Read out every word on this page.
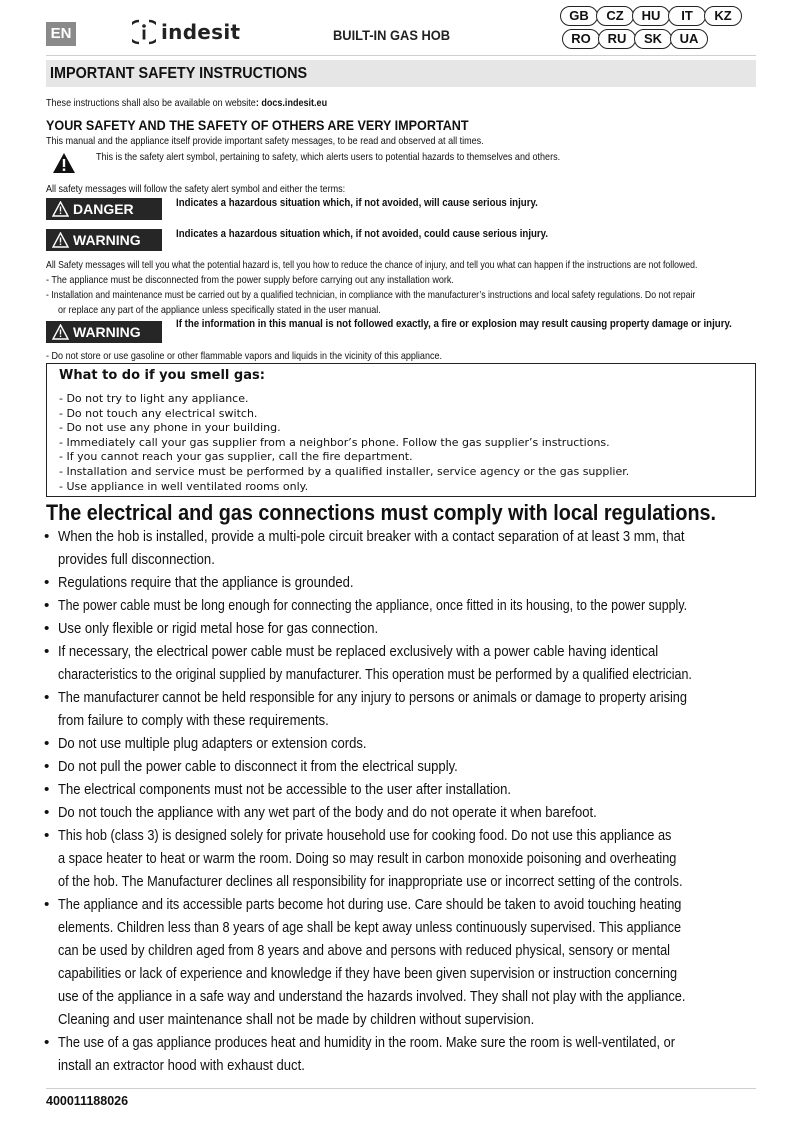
EN	indesit	BUILT-IN GAS HOB
GB	CZ	HU	IT	KZ
RO	RU	SK	UA
IMPORTANT SAFETY INSTRUCTIONS
These instructions shall also be available on website: docs.indesit.eu
YOUR SAFETY AND THE SAFETY OF OTHERS ARE VERY IMPORTANT
This manual and the appliance itself provide important safety messages, to be read and observed at all times.
This is the safety alert symbol, pertaining to safety, which alerts users to potential hazards to themselves and others.
All safety messages will follow the safety alert symbol and either the terms:
DANGER	Indicates a hazardous situation which, if not avoided, will cause serious injury.
WARNING	Indicates a hazardous situation which, if not avoided, could cause serious injury.
All Safety messages will tell you what the potential hazard is, tell you how to reduce the chance of injury, and tell you what can happen if the instructions are not followed.
- The appliance must be disconnected from the power supply before carrying out any installation work.
- Installation and maintenance must be carried out by a qualified technician, in compliance with the manufacturer’s instructions and local safety regulations. Do not repair
or replace any part of the appliance unless specifically stated in the user manual.
WARNING	If the information in this manual is not followed exactly, a fire or explosion may result causing property damage or injury.
- Do not store or use gasoline or other flammable vapors and liquids in the vicinity of this appliance.
What to do if you smell gas:
- Do not try to light any appliance.
- Do not touch any electrical switch.
- Do not use any phone in your building.
- Immediately call your gas supplier from a neighbor’s phone. Follow the gas supplier’s instructions.
- If you cannot reach your gas supplier, call the fire department.
- Installation and service must be performed by a qualified installer, service agency or the gas supplier.
- Use appliance in well ventilated rooms only.
The electrical and gas connections must comply with local regulations.
• When the hob is installed, provide a multi-pole circuit breaker with a contact separation of at least 3 mm, that
provides full disconnection.
• Regulations require that the appliance is grounded.
• The power cable must be long enough for connecting the appliance, once fitted in its housing, to the power supply.
• Use only flexible or rigid metal hose for gas connection.
• If necessary, the electrical power cable must be replaced exclusively with a power cable having identical
characteristics to the original supplied by manufacturer. This operation must be performed by a qualified electrician.
• The manufacturer cannot be held responsible for any injury to persons or animals or damage to property arising
from failure to comply with these requirements.
• Do not use multiple plug adapters or extension cords.
• Do not pull the power cable to disconnect it from the electrical supply.
• The electrical components must not be accessible to the user after installation.
• Do not touch the appliance with any wet part of the body and do not operate it when barefoot.
• This hob (class 3) is designed solely for private household use for cooking food. Do not use this appliance as
a space heater to heat or warm the room. Doing so may result in carbon monoxide poisoning and overheating
of the hob. The Manufacturer declines all responsibility for inappropriate use or incorrect setting of the controls.
• The appliance and its accessible parts become hot during use. Care should be taken to avoid touching heating
elements. Children less than 8 years of age shall be kept away unless continuously supervised. This appliance
can be used by children aged from 8 years and above and persons with reduced physical, sensory or mental
capabilities or lack of experience and knowledge if they have been given supervision or instruction concerning
use of the appliance in a safe way and understand the hazards involved. They shall not play with the appliance.
Cleaning and user maintenance shall not be made by children without supervision.
• The use of a gas appliance produces heat and humidity in the room. Make sure the room is well-ventilated, or
install an extractor hood with exhaust duct.
400011188026
